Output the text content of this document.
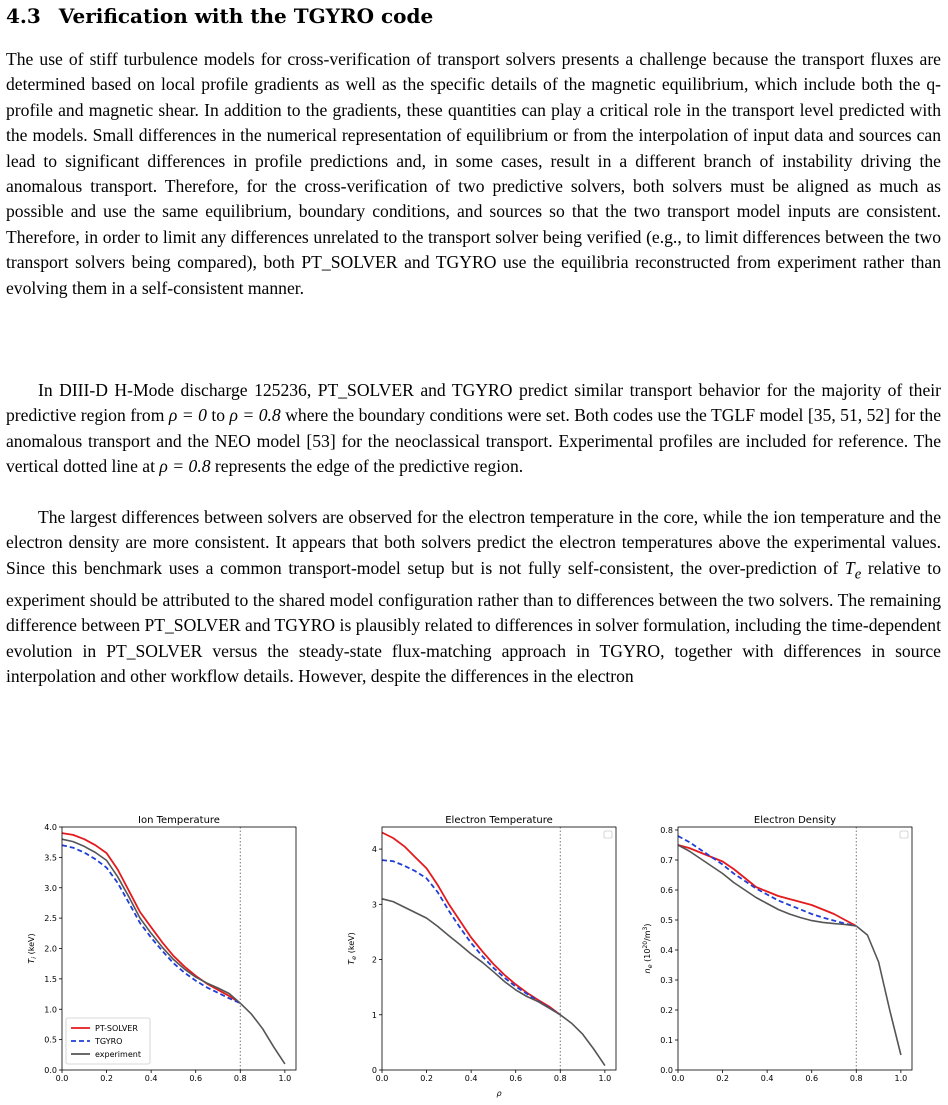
4.3 Verification with the TGYRO code

The use of stiff turbulence models for cross-verification of transport solvers presents a challenge because the transport fluxes are determined based on local profile gradients as well as the specific details of the magnetic equilibrium, which include both the q-profile and magnetic shear. In addition to the gradients, these quantities can play a critical role in the transport level predicted with the models. Small differences in the numerical representation of equilibrium or from the interpolation of input data and sources can lead to significant differences in profile predictions and, in some cases, result in a different branch of instability driving the anomalous transport. Therefore, for the cross-verification of two predictive solvers, both solvers must be aligned as much as possible and use the same equilibrium, boundary conditions, and sources so that the two transport model inputs are consistent. Therefore, in order to limit any differences unrelated to the transport solver being verified (e.g., to limit differences between the two transport solvers being compared), both PT_SOLVER and TGYRO use the equilibria reconstructed from experiment rather than evolving them in a self-consistent manner.

In DIII-D H-Mode discharge 125236, PT_SOLVER and TGYRO predict similar transport behavior for the majority of their predictive region from ρ = 0 to ρ = 0.8 where the boundary conditions were set. Both codes use the TGLF model [35, 51, 52] for the anomalous transport and the NEO model [53] for the neoclassical transport. Experimental profiles are included for reference. The vertical dotted line at ρ = 0.8 represents the edge of the predictive region.

The largest differences between solvers are observed for the electron temperature in the core, while the ion temperature and the electron density are more consistent. It appears that both solvers predict the electron temperatures above the experimental values. Since this benchmark uses a common transport-model setup but is not fully self-consistent, the over-prediction of $T_e$ relative to experiment should be attributed to the shared model configuration rather than to differences between the two solvers. The remaining difference between PT_SOLVER and TGYRO is plausibly related to differences in solver formulation, including the time-dependent evolution in PT_SOLVER versus the steady-state flux-matching approach in TGYRO, together with differences in source interpolation and other workflow details. However, despite the differences in the electron

Ion Temperature
0.0	0.2	0.4	0.6	0.8	1.0
0.0
0.5
1.0
1.5
2.0
2.5
3.0
3.5
4.0
$T_i$ (keV)
PT-SOLVER
TGYRO
experiment
Electron Temperature
0.0	0.2	0.4	0.6	0.8	1.0
0
1
2
3
4
$T_e$ (keV)
ρ
Electron Density
0.0	0.2	0.4	0.6	0.8	1.0
0.0
0.1
0.2
0.3
0.4
0.5
0.6
0.7
0.8
$n_e$ $(10^{20}/m^3)$
